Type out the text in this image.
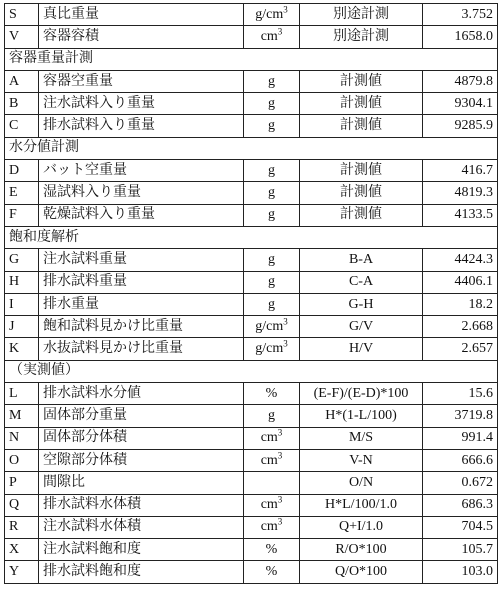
S	真比重量	$g/cm^3$	別途計測	3.752
V	容器容積	$cm^3$	別途計測	1658.0
容器重量計測				
A	容器空重量	g	計測値	4879.8
B	注水試料入り重量	g	計測値	9304.1
C	排水試料入り重量	g	計測値	9285.9
水分値計測				
D	バット空重量	g	計測値	416.7
E	湿試料入り重量	g	計測値	4819.3
F	乾燥試料入り重量	g	計測値	4133.5
飽和度解析				
G	注水試料重量	g	B-A	4424.3
H	排水試料重量	g	C-A	4406.1
I	排水重量	g	G-H	18.2
J	飽和試料見かけ比重量	$g/cm^3$	G/V	2.668
K	水抜試料見かけ比重量	$g/cm^3$	H/V	2.657
（実測値）				
L	排水試料水分値	%	(E-F)/(E-D)*100	15.6
M	固体部分重量	g	H*(1-L/100)	3719.8
N	固体部分体積	$cm^3$	M/S	991.4
O	空隙部分体積	$cm^3$	V-N	666.6
P	間隙比		O/N	0.672
Q	排水試料水体積	$cm^3$	H*L/100/1.0	686.3
R	注水試料水体積	$cm^3$	Q+I/1.0	704.5
X	注水試料飽和度	%	R/O*100	105.7
Y	排水試料飽和度	%	Q/O*100	103.0
